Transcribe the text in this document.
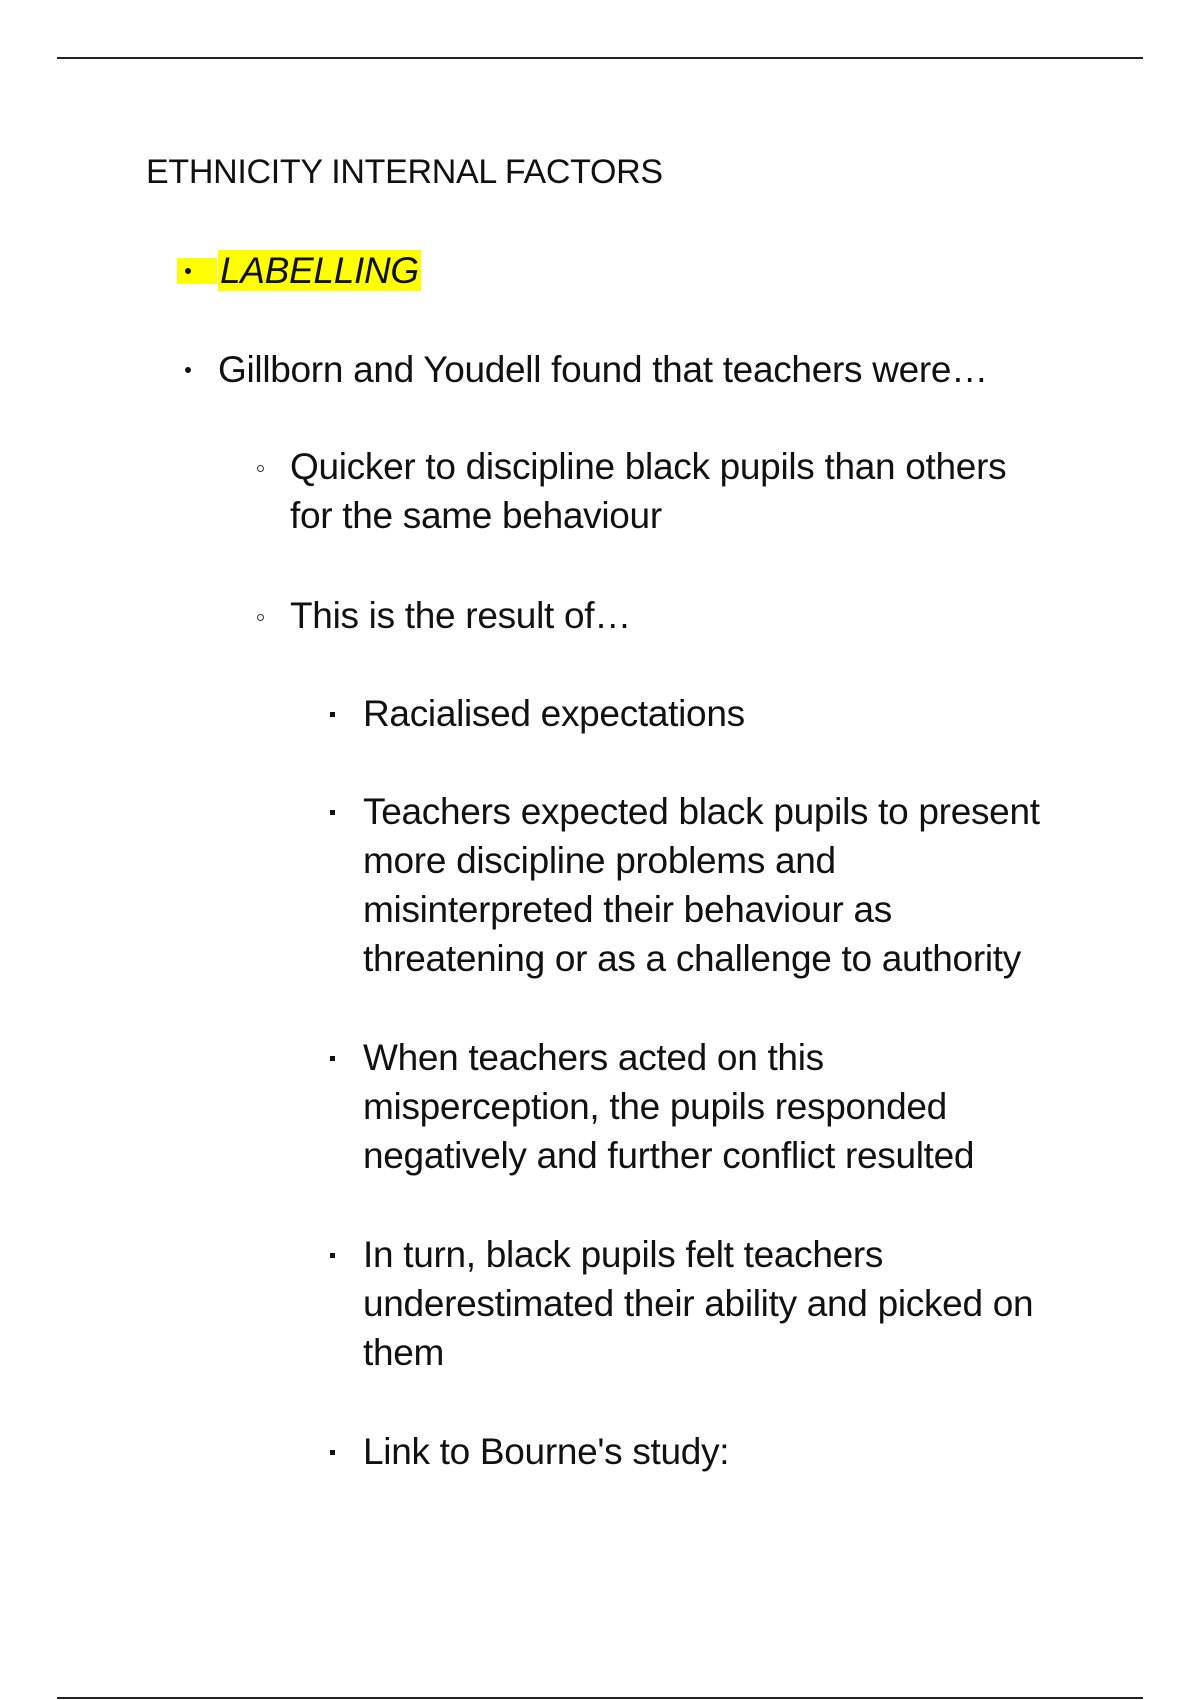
ETHNICITY INTERNAL FACTORS
LABELLING
Gillborn and Youdell found that teachers were…
Quicker to discipline black pupils than others for the same behaviour
This is the result of…
Racialised expectations
Teachers expected black pupils to present more discipline problems and misinterpreted their behaviour as threatening or as a challenge to authority
When teachers acted on this misperception, the pupils responded negatively and further conflict resulted
In turn, black pupils felt teachers underestimated their ability and picked on them
Link to Bourne's study:
